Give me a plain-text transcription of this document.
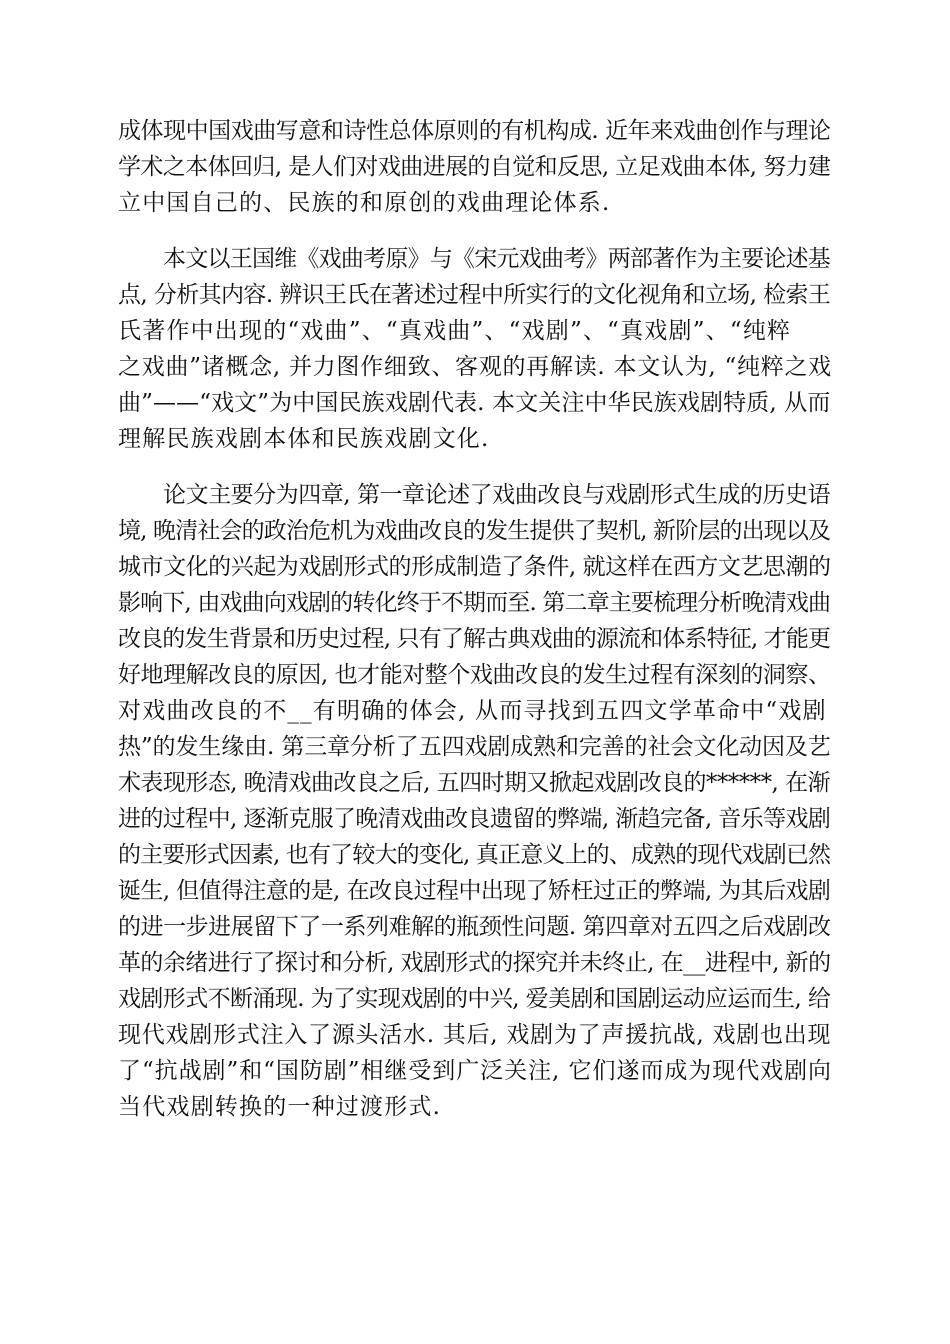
成体现中国戏曲写意和诗性总体原则的有机构成. 近年来戏曲创作与理论
学术之本体回归, 是人们对戏曲进展的自觉和反思, 立足戏曲本体, 努力建
立中国自己的、民族的和原创的戏曲理论体系.
本文以王国维《戏曲考原》与《宋元戏曲考》两部著作为主要论述基
点, 分析其内容. 辨识王氏在著述过程中所实行的文化视角和立场, 检索王
氏著作中出现的“戏曲”、“真戏曲”、“戏剧”、“真戏剧”、“纯粹
之戏曲”诸概念, 并力图作细致、客观的再解读. 本文认为, “纯粹之戏
曲”——“戏文”为中国民族戏剧代表. 本文关注中华民族戏剧特质, 从而
理解民族戏剧本体和民族戏剧文化.
论文主要分为四章, 第一章论述了戏曲改良与戏剧形式生成的历史语
境, 晚清社会的政治危机为戏曲改良的发生提供了契机, 新阶层的出现以及
城市文化的兴起为戏剧形式的形成制造了条件, 就这样在西方文艺思潮的
影响下, 由戏曲向戏剧的转化终于不期而至. 第二章主要梳理分析晚清戏曲
改良的发生背景和历史过程, 只有了解古典戏曲的源流和体系特征, 才能更
好地理解改良的原因, 也才能对整个戏曲改良的发生过程有深刻的洞察、
对戏曲改良的不__有明确的体会, 从而寻找到五四文学革命中“戏剧
热”的发生缘由. 第三章分析了五四戏剧成熟和完善的社会文化动因及艺
术表现形态, 晚清戏曲改良之后, 五四时期又掀起戏剧改良的******, 在渐
进的过程中, 逐渐克服了晚清戏曲改良遗留的弊端, 渐趋完备, 音乐等戏剧
的主要形式因素, 也有了较大的变化, 真正意义上的、成熟的现代戏剧已然
诞生, 但值得注意的是, 在改良过程中出现了矫枉过正的弊端, 为其后戏剧
的进一步进展留下了一系列难解的瓶颈性问题. 第四章对五四之后戏剧改
革的余绪进行了探讨和分析, 戏剧形式的探究并未终止, 在__进程中, 新的
戏剧形式不断涌现. 为了实现戏剧的中兴, 爱美剧和国剧运动应运而生, 给
现代戏剧形式注入了源头活水. 其后, 戏剧为了声援抗战, 戏剧也出现
了“抗战剧”和“国防剧”相继受到广泛关注, 它们遂而成为现代戏剧向
当代戏剧转换的一种过渡形式.
